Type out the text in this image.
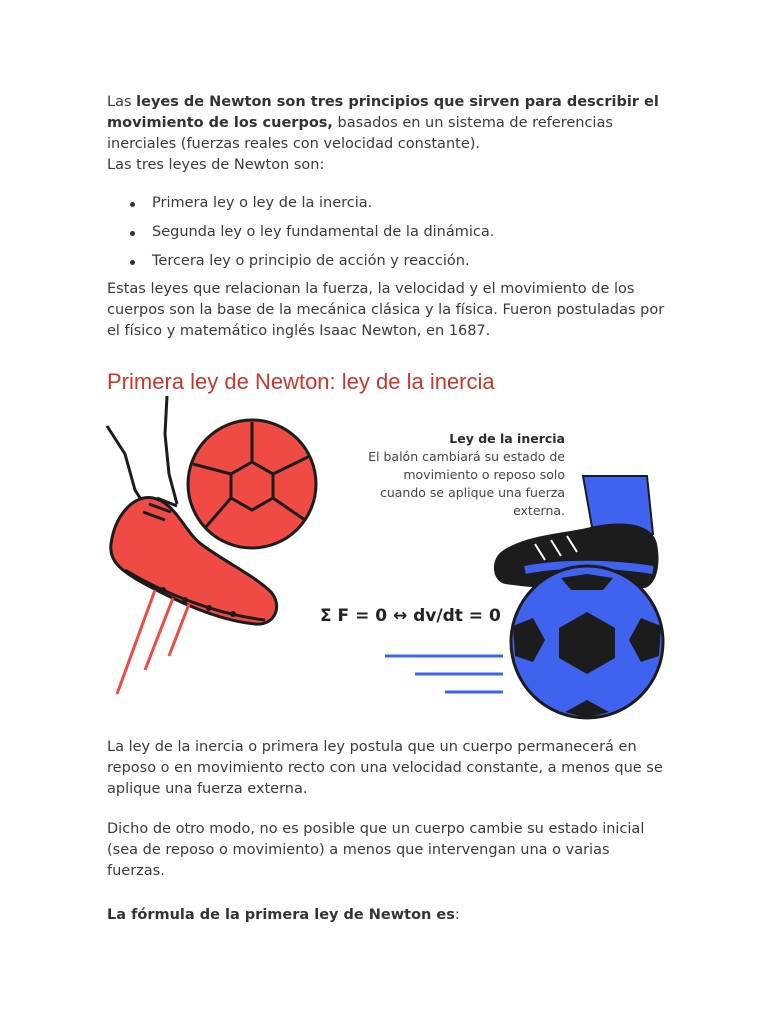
Las leyes de Newton son tres principios que sirven para describir el movimiento de los cuerpos, basados en un sistema de referencias inerciales (fuerzas reales con velocidad constante).

Las tres leyes de Newton son:

Primera ley o ley de la inercia.
Segunda ley o ley fundamental de la dinámica.
Tercera ley o principio de acción y reacción.

Estas leyes que relacionan la fuerza, la velocidad y el movimiento de los cuerpos son la base de la mecánica clásica y la física. Fueron postuladas por el físico y matemático inglés Isaac Newton, en 1687.

Primera ley de Newton: ley de la inercia
Ley de la inercia
El balón cambiará su estado de
movimiento o reposo solo
cuando se aplique una fuerza
externa.
Σ F = 0 ↔ dv/dt = 0

La ley de la inercia o primera ley postula que un cuerpo permanecerá en reposo o en movimiento recto con una velocidad constante, a menos que se aplique una fuerza externa.

Dicho de otro modo, no es posible que un cuerpo cambie su estado inicial (sea de reposo o movimiento) a menos que intervengan una o varias fuerzas.

La fórmula de la primera ley de Newton es:
